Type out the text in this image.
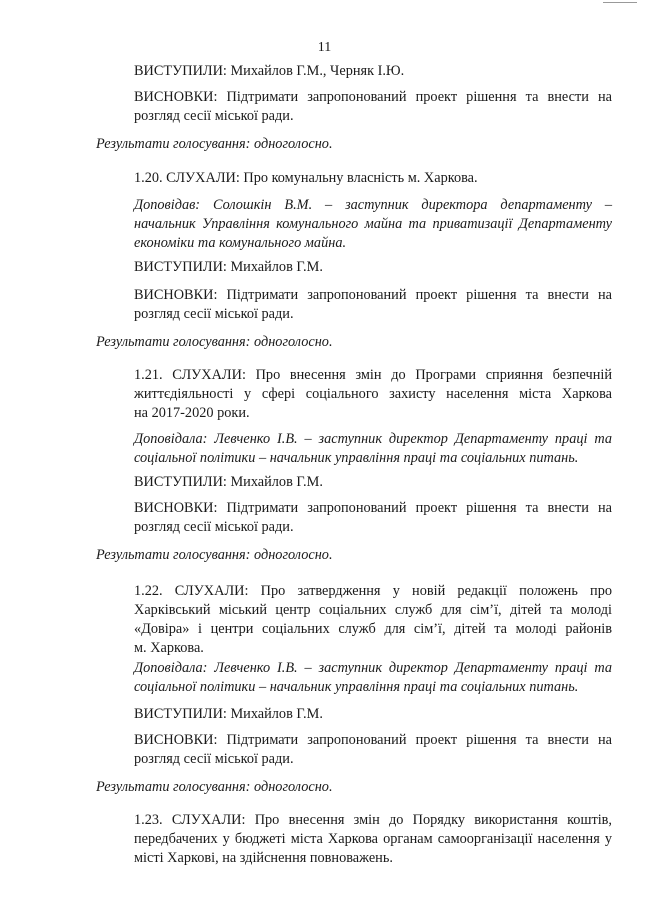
11
ВИСТУПИЛИ: Михайлов Г.М., Черняк І.Ю.
ВИСНОВКИ: Підтримати запропонований проект рішення та внести на
розгляд сесії міської ради.
Результати голосування: одноголосно.
1.20. СЛУХАЛИ: Про комунальну власність м. Харкова.
Доповідав: Солошкін В.М. – заступник директора департаменту –
начальник Управління комунального майна та приватизації Департаменту
економіки та комунального майна.
ВИСТУПИЛИ: Михайлов Г.М.
ВИСНОВКИ: Підтримати запропонований проект рішення та внести на
розгляд сесії міської ради.
Результати голосування: одноголосно.
1.21. СЛУХАЛИ: Про внесення змін до Програми сприяння безпечній
життєдіяльності у сфері соціального захисту населення міста Харкова
на 2017-2020 роки.
Доповідала: Левченко І.В. – заступник директор Департаменту праці та
соціальної політики – начальник управління праці та соціальних питань.
ВИСТУПИЛИ: Михайлов Г.М.
ВИСНОВКИ: Підтримати запропонований проект рішення та внести на
розгляд сесії міської ради.
Результати голосування: одноголосно.
1.22. СЛУХАЛИ: Про затвердження у новій редакції положень про
Харківський міський центр соціальних служб для сім’ї, дітей та молоді
«Довіра» і центри соціальних служб для сім’ї, дітей та молоді районів
м. Харкова.
Доповідала: Левченко І.В. – заступник директор Департаменту праці та
соціальної політики – начальник управління праці та соціальних питань.
ВИСТУПИЛИ: Михайлов Г.М.
ВИСНОВКИ: Підтримати запропонований проект рішення та внести на
розгляд сесії міської ради.
Результати голосування: одноголосно.
1.23. СЛУХАЛИ: Про внесення змін до Порядку використання коштів,
передбачених у бюджеті міста Харкова органам самоорганізації населення у
місті Харкові, на здійснення повноважень.
